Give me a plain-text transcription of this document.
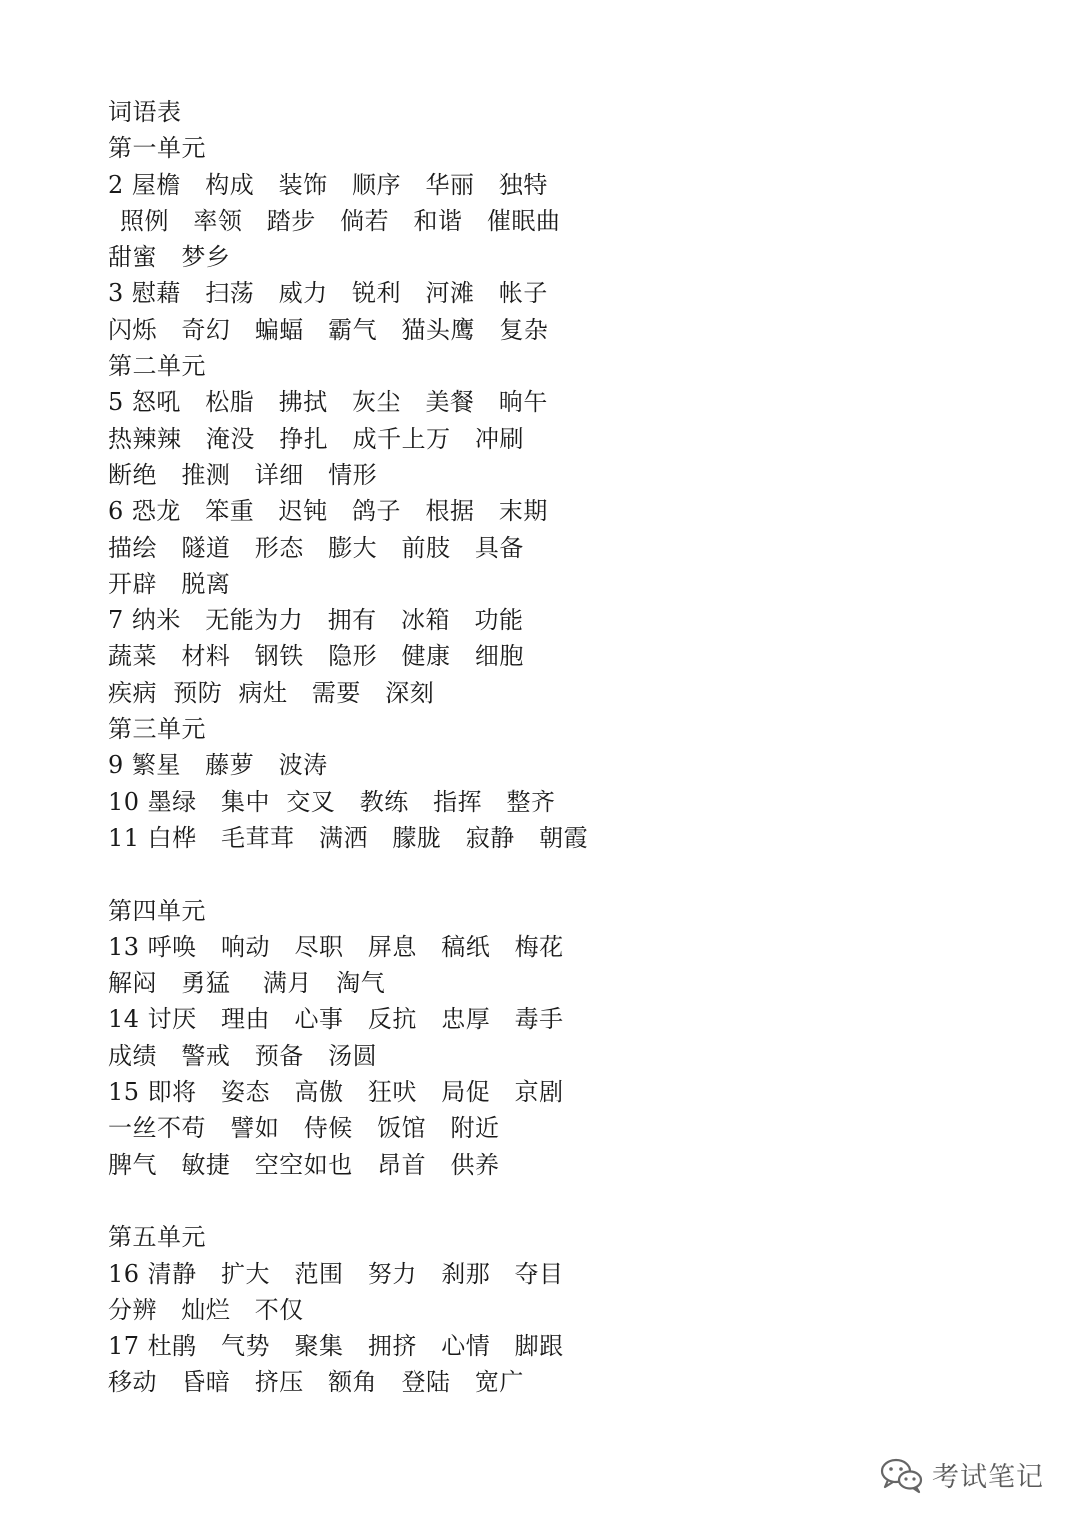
词语表
第一单元
2 屋檐   构成   装饰   顺序   华丽   独特
照例   率领   踏步   倘若   和谐   催眠曲
甜蜜   梦乡
3 慰藉   扫荡   威力   锐利   河滩   帐子
闪烁   奇幻   蝙蝠   霸气   猫头鹰   复杂
第二单元
5 怒吼   松脂   拂拭   灰尘   美餐   晌午
热辣辣   淹没   挣扎   成千上万   冲刷
断绝   推测   详细   情形
6 恐龙   笨重   迟钝   鸽子   根据   末期
描绘   隧道   形态   膨大   前肢   具备
开辟   脱离
7 纳米   无能为力   拥有   冰箱   功能
蔬菜   材料   钢铁   隐形   健康   细胞
疾病  预防  病灶   需要   深刻
第三单元
9 繁星   藤萝   波涛
10 墨绿   集中  交叉   教练   指挥   整齐
11 白桦   毛茸茸   满洒   朦胧   寂静   朝霞
第四单元
13 呼唤   响动   尽职   屏息   稿纸   梅花
解闷   勇猛    满月   淘气
14 讨厌   理由   心事   反抗   忠厚   毒手
成绩   警戒   预备   汤圆
15 即将   姿态   高傲   狂吠   局促   京剧
一丝不苟   譬如   侍候   饭馆   附近
脾气   敏捷   空空如也   昂首   供养
第五单元
16 清静   扩大   范围   努力   刹那   夺目
分辨   灿烂   不仅
17 杜鹃   气势   聚集   拥挤   心情   脚跟
移动   昏暗   挤压   额角   登陆   宽广
考试笔记
